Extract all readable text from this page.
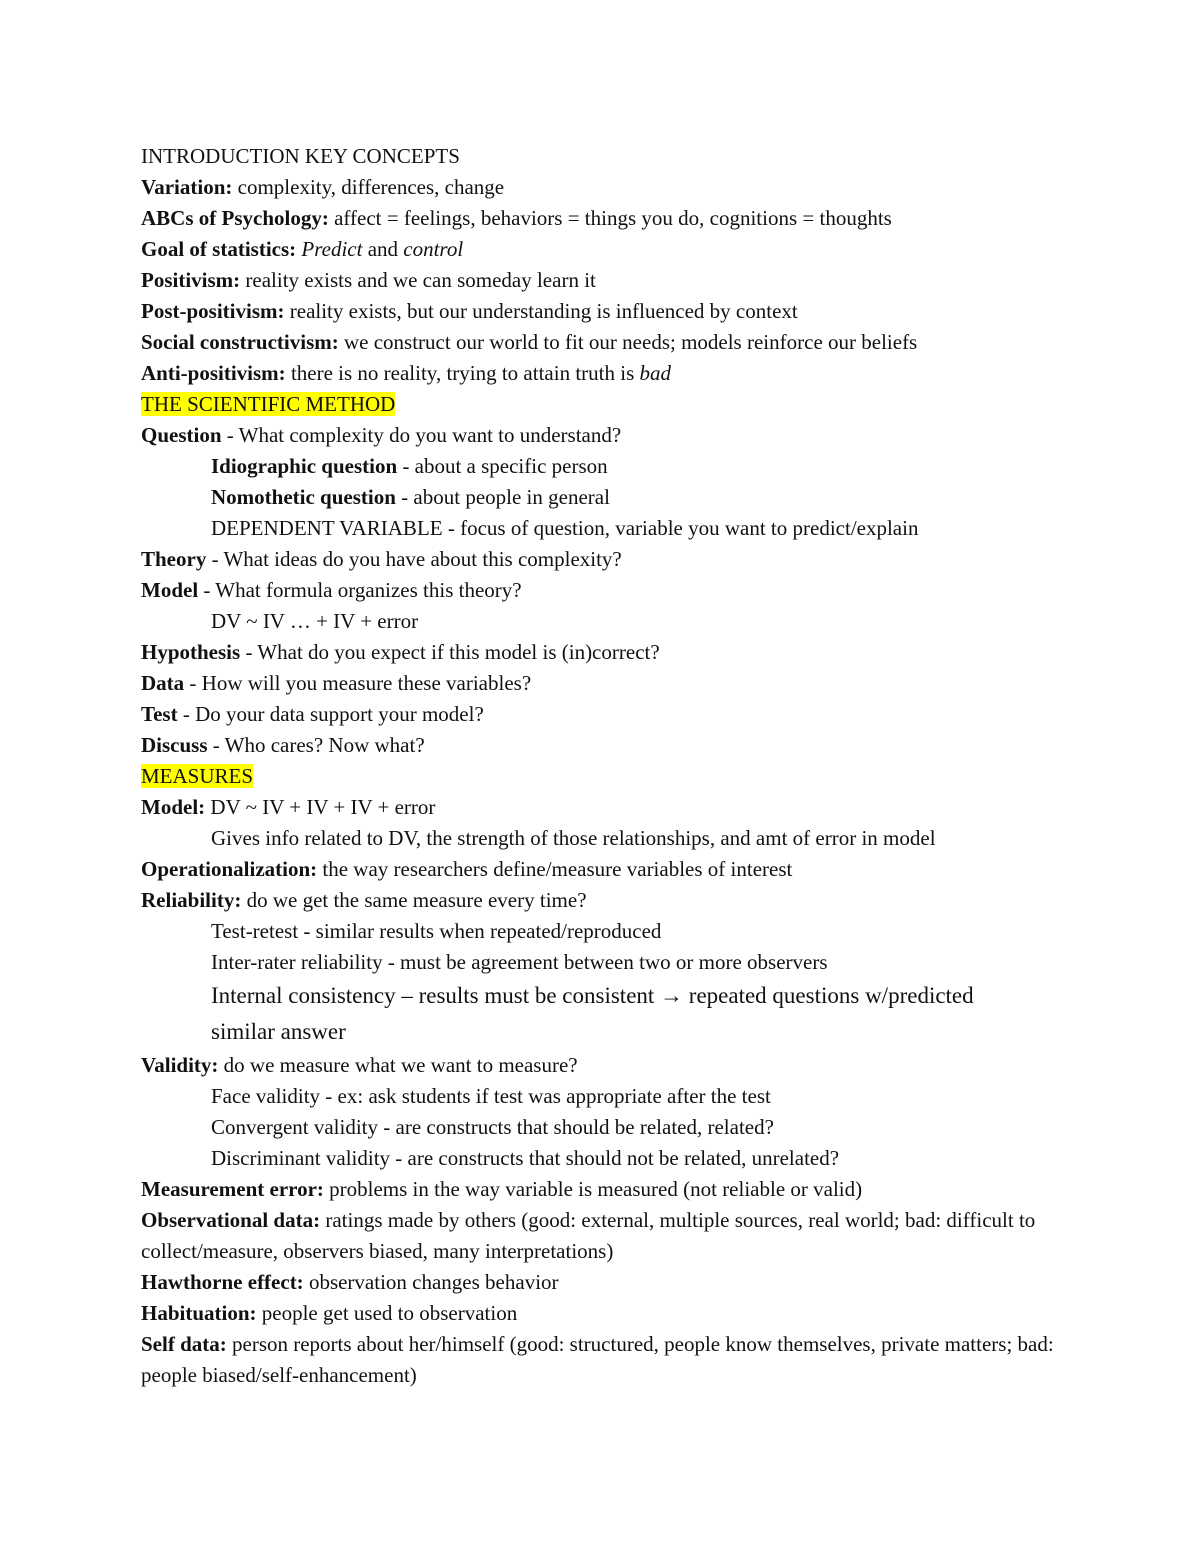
INTRODUCTION KEY CONCEPTS
Variation: complexity, differences, change
ABCs of Psychology: affect = feelings, behaviors = things you do, cognitions = thoughts
Goal of statistics: Predict and control
Positivism: reality exists and we can someday learn it
Post-positivism: reality exists, but our understanding is influenced by context
Social constructivism: we construct our world to fit our needs; models reinforce our beliefs
Anti-positivism: there is no reality, trying to attain truth is bad
THE SCIENTIFIC METHOD
Question - What complexity do you want to understand?
Idiographic question - about a specific person
Nomothetic question - about people in general
DEPENDENT VARIABLE - focus of question, variable you want to predict/explain
Theory - What ideas do you have about this complexity?
Model - What formula organizes this theory?
DV ~ IV … + IV + error
Hypothesis - What do you expect if this model is (in)correct?
Data - How will you measure these variables?
Test - Do your data support your model?
Discuss - Who cares? Now what?
MEASURES
Model: DV ~ IV + IV + IV + error
Gives info related to DV, the strength of those relationships, and amt of error in model
Operationalization: the way researchers define/measure variables of interest
Reliability: do we get the same measure every time?
Test-retest - similar results when repeated/reproduced
Inter-rater reliability - must be agreement between two or more observers
Internal consistency – results must be consistent → repeated questions w/predicted similar answer
Validity: do we measure what we want to measure?
Face validity - ex: ask students if test was appropriate after the test
Convergent validity - are constructs that should be related, related?
Discriminant validity - are constructs that should not be related, unrelated?
Measurement error: problems in the way variable is measured (not reliable or valid)
Observational data: ratings made by others (good: external, multiple sources, real world; bad: difficult to collect/measure, observers biased, many interpretations)
Hawthorne effect: observation changes behavior
Habituation: people get used to observation
Self data: person reports about her/himself (good: structured, people know themselves, private matters; bad: people biased/self-enhancement)
